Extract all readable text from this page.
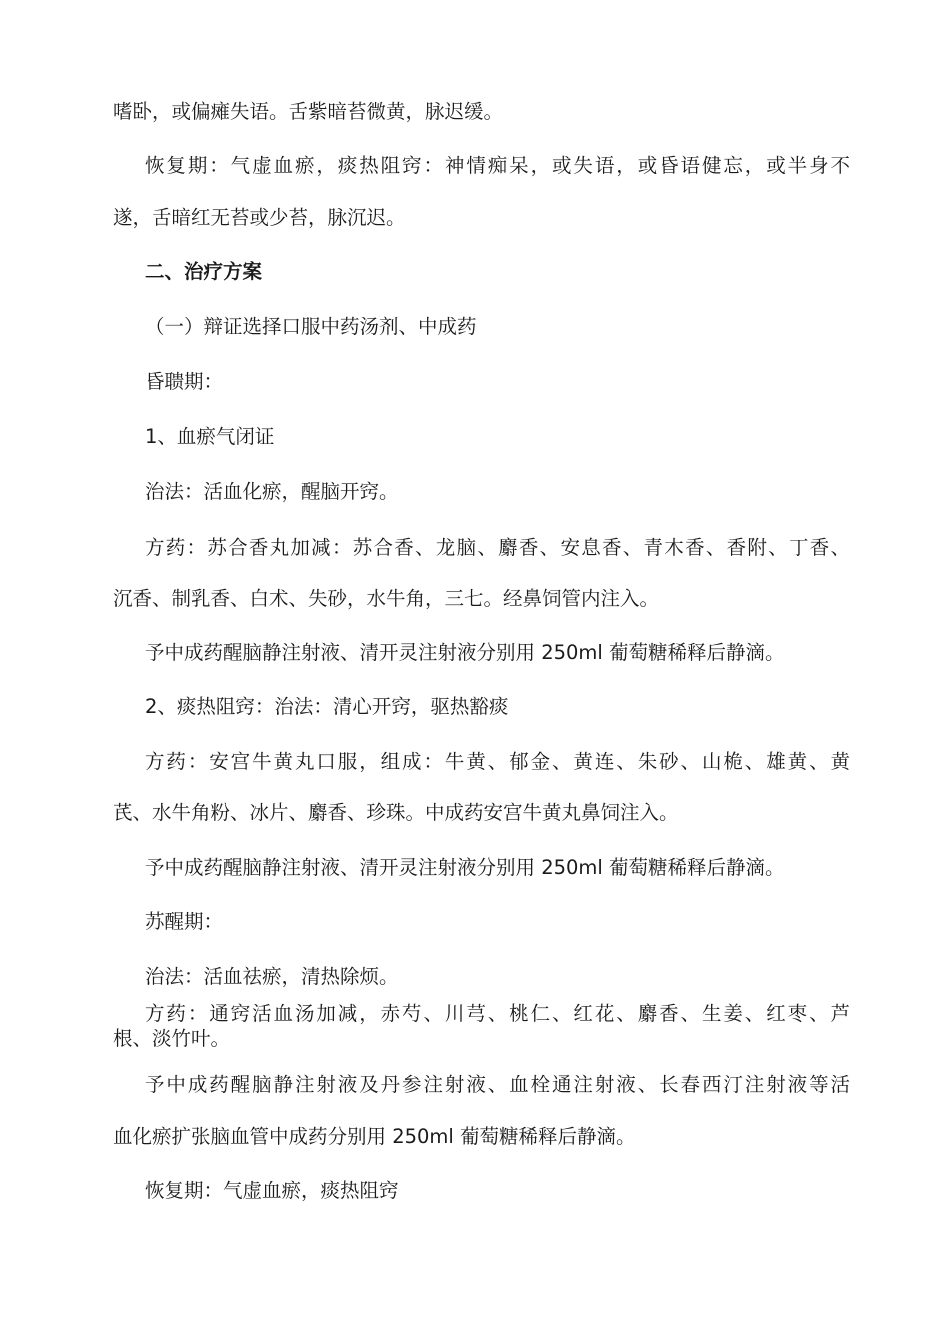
嗜卧，或偏瘫失语。舌紫暗苔微黄，脉迟缓。
恢复期：气虚血瘀，痰热阻窍：神情痴呆，或失语，或昏语健忘，或半身不
遂，舌暗红无苔或少苔，脉沉迟。
二、治疗方案
（一）辩证选择口服中药汤剂、中成药
昏聩期：
1、血瘀气闭证
治法：活血化瘀，醒脑开窍。
方药：苏合香丸加减：苏合香、龙脑、麝香、安息香、青木香、香附、丁香、
沉香、制乳香、白术、失砂，水牛角，三七。经鼻饲管内注入。
予中成药醒脑静注射液、清开灵注射液分别用 250ml 葡萄糖稀释后静滴。
2、痰热阻窍：治法：清心开窍，驱热豁痰
方药：安宫牛黄丸口服，组成：牛黄、郁金、黄连、朱砂、山桅、雄黄、黄
芪、水牛角粉、冰片、麝香、珍珠。中成药安宫牛黄丸鼻饲注入。
予中成药醒脑静注射液、清开灵注射液分别用 250ml 葡萄糖稀释后静滴。
苏醒期：
治法：活血祛瘀，清热除烦。
方药：通窍活血汤加减，赤芍、川芎、桃仁、红花、麝香、生姜、红枣、芦
根、淡竹叶。
予中成药醒脑静注射液及丹参注射液、血栓通注射液、长春西汀注射液等活
血化瘀扩张脑血管中成药分别用 250ml 葡萄糖稀释后静滴。
恢复期：气虚血瘀，痰热阻窍
